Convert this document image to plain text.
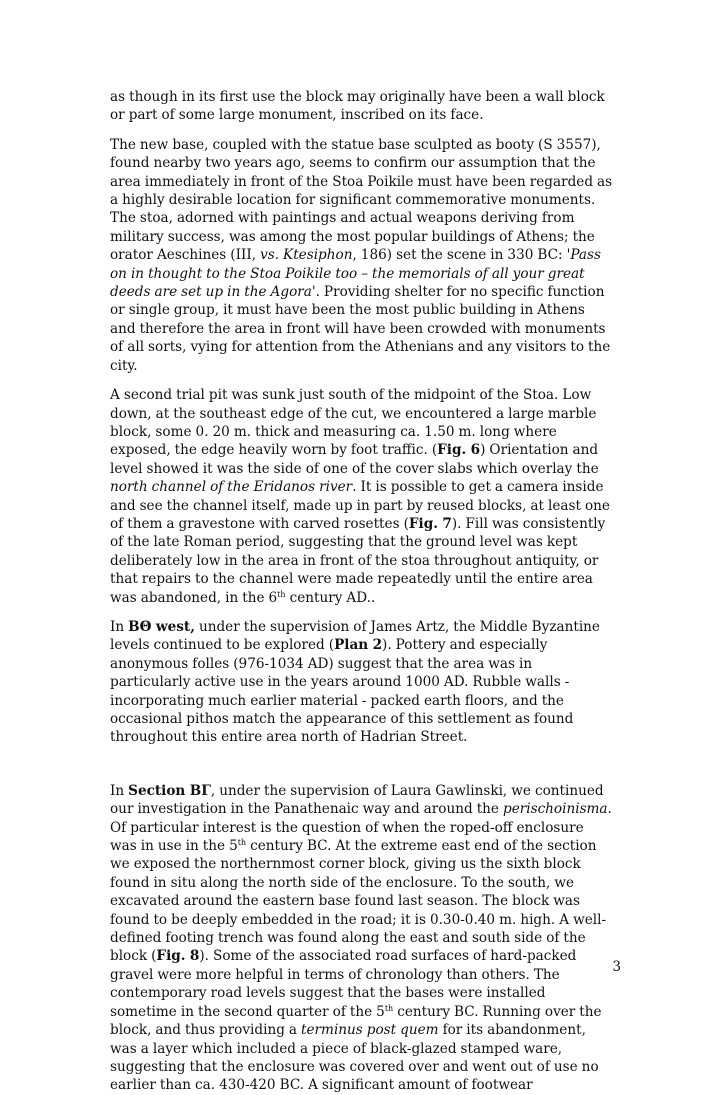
as though in its first use the block may originally have been a wall block or part of some large monument, inscribed on its face.

The new base, coupled with the statue base sculpted as booty (S 3557), found nearby two years ago, seems to confirm our assumption that the area immediately in front of the Stoa Poikile must have been regarded as a highly desirable location for significant commemorative monuments. The stoa, adorned with paintings and actual weapons deriving from military success, was among the most popular buildings of Athens; the orator Aeschines (III, vs. Ktesiphon, 186) set the scene in 330 BC: 'Pass on in thought to the Stoa Poikile too – the memorials of all your great deeds are set up in the Agora'. Providing shelter for no specific function or single group, it must have been the most public building in Athens and therefore the area in front will have been crowded with monuments of all sorts, vying for attention from the Athenians and any visitors to the city.

A second trial pit was sunk just south of the midpoint of the Stoa. Low down, at the southeast edge of the cut, we encountered a large marble block, some 0. 20 m. thick and measuring ca. 1.50 m. long where exposed, the edge heavily worn by foot traffic. (Fig. 6) Orientation and level showed it was the side of one of the cover slabs which overlay the north channel of the Eridanos river. It is possible to get a camera inside and see the channel itself, made up in part by reused blocks, at least one of them a gravestone with carved rosettes (Fig. 7). Fill was consistently of the late Roman period, suggesting that the ground level was kept deliberately low in the area in front of the stoa throughout antiquity, or that repairs to the channel were made repeatedly until the entire area was abandoned, in the 6th century AD..

In ΒΘ west, under the supervision of James Artz, the Middle Byzantine levels continued to be explored (Plan 2). Pottery and especially anonymous folles (976-1034 AD) suggest that the area was in particularly active use in the years around 1000 AD. Rubble walls - incorporating much earlier material - packed earth floors, and the occasional pithos match the appearance of this settlement as found throughout this entire area north of Hadrian Street.

In Section ΒΓ, under the supervision of Laura Gawlinski, we continued our investigation in the Panathenaic way and around the perischoinisma. Of particular interest is the question of when the roped-off enclosure was in use in the 5th century BC. At the extreme east end of the section we exposed the northernmost corner block, giving us the sixth block found in situ along the north side of the enclosure. To the south, we excavated around the eastern base found last season. The block was found to be deeply embedded in the road; it is 0.30-0.40 m. high. A well-defined footing trench was found along the east and south side of the block (Fig. 8). Some of the associated road surfaces of hard-packed gravel were more helpful in terms of chronology than others. The contemporary road levels suggest that the bases were installed sometime in the second quarter of the 5th century BC. Running over the block, and thus providing a terminus post quem for its abandonment, was a layer which included a piece of black-glazed stamped ware, suggesting that the enclosure was covered over and went out of use no earlier than ca. 430-420 BC. A significant amount of footwear

3
